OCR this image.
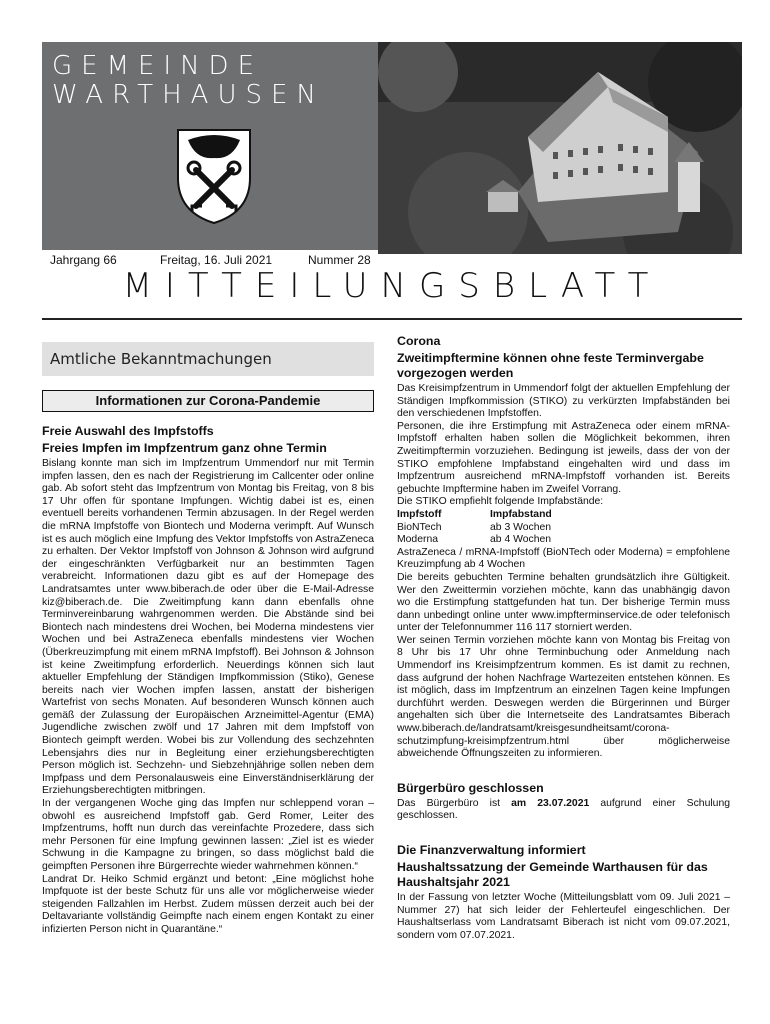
GEMEINDE
WARTHAUSEN
Jahrgang 66	Freitag, 16. Juli 2021	Nummer 28
MITTEILUNGSBLATT
Amtliche Bekanntmachungen
Informationen zur Corona-Pandemie
Freie Auswahl des Impfstoffs
Freies Impfen im Impfzentrum ganz ohne Termin

Bislang konnte man sich im Impfzentrum Ummendorf nur mit Termin impfen lassen, den es nach der Registrierung im Callcenter oder online gab. Ab sofort steht das Impfzentrum von Montag bis Freitag, von 8 bis 17 Uhr offen für spontane Impfungen. Wichtig dabei ist es, einen eventuell bereits vorhandenen Termin abzusagen. In der Regel werden die mRNA Impfstoffe von Biontech und Moderna verimpft. Auf Wunsch ist es auch möglich eine Impfung des Vektor Impfstoffs von AstraZeneca zu erhalten. Der Vektor Impfstoff von Johnson & Johnson wird aufgrund der eingeschränkten Verfügbarkeit nur an bestimmten Tagen verabreicht. Informationen dazu gibt es auf der Homepage des Landratsamtes unter www.biberach.de oder über die E-Mail-Adresse kiz@biberach.de. Die Zweitimpfung kann dann ebenfalls ohne Terminvereinbarung wahrgenommen werden. Die Abstände sind bei Biontech nach mindestens drei Wochen, bei Moderna mindestens vier Wochen und bei AstraZeneca ebenfalls mindestens vier Wochen (Überkreuzimpfung mit einem mRNA Impfstoff). Bei Johnson & Johnson ist keine Zweitimpfung erforderlich. Neuerdings können sich laut aktueller Empfehlung der Ständigen Impfkommission (Stiko), Genese bereits nach vier Wochen impfen lassen, anstatt der bisherigen Wartefrist von sechs Monaten. Auf besonderen Wunsch können auch gemäß der Zulassung der Europäischen Arzneimittel-Agentur (EMA) Jugendliche zwischen zwölf und 17 Jahren mit dem Impfstoff von Biontech geimpft werden. Wobei bis zur Vollendung des sechzehnten Lebensjahrs dies nur in Begleitung einer erziehungsberechtigten Person möglich ist. Sechzehn- und Siebzehnjährige sollen neben dem Impfpass und dem Personalausweis eine Einverständniserklärung der Erziehungsberechtigten mitbringen.

In der vergangenen Woche ging das Impfen nur schleppend voran – obwohl es ausreichend Impfstoff gab. Gerd Romer, Leiter des Impfzentrums, hofft nun durch das vereinfachte Prozedere, dass sich mehr Personen für eine Impfung gewinnen lassen: „Ziel ist es wieder Schwung in die Kampagne zu bringen, so dass möglichst bald die geimpften Personen ihre Bürgerrechte wieder wahrnehmen können.“

Landrat Dr. Heiko Schmid ergänzt und betont: „Eine möglichst hohe Impfquote ist der beste Schutz für uns alle vor möglicherweise wieder steigenden Fallzahlen im Herbst. Zudem müssen derzeit auch bei der Deltavariante vollständig Geimpfte nach einem engen Kontakt zu einer infizierten Person nicht in Quarantäne.“

Corona
Zweitimpftermine können ohne feste Terminvergabe vorgezogen werden

Das Kreisimpfzentrum in Ummendorf folgt der aktuellen Empfehlung der Ständigen Impfkommission (STIKO) zu verkürzten Impfabständen bei den verschiedenen Impfstoffen.

Personen, die ihre Erstimpfung mit AstraZeneca oder einem mRNA-Impfstoff erhalten haben sollen die Möglichkeit bekommen, ihren Zweitimpftermin vorzuziehen. Bedingung ist jeweils, dass der von der STIKO empfohlene Impfabstand eingehalten wird und dass im Impfzentrum ausreichend mRNA-Impfstoff vorhanden ist. Bereits gebuchte Impftermine haben im Zweifel Vorrang.

Die STIKO empfiehlt folgende Impfabstände:

Impfstoff	Impfabstand
BioNTech	ab 3 Wochen
Moderna	ab 4 Wochen

AstraZeneca / mRNA-Impfstoff (BioNTech oder Moderna) = empfohlene Kreuzimpfung ab 4 Wochen

Die bereits gebuchten Termine behalten grundsätzlich ihre Gültigkeit. Wer den Zweittermin vorziehen möchte, kann das unabhängig davon wo die Erstimpfung stattgefunden hat tun. Der bisherige Termin muss dann unbedingt online unter www.impfterminservice.de oder telefonisch unter der Telefonnummer 116 117 storniert werden.

Wer seinen Termin vorziehen möchte kann von Montag bis Freitag von 8 Uhr bis 17 Uhr ohne Terminbuchung oder Anmeldung nach Ummendorf ins Kreisimpfzentrum kommen. Es ist damit zu rechnen, dass aufgrund der hohen Nachfrage Wartezeiten entstehen können. Es ist möglich, dass im Impfzentrum an einzelnen Tagen keine Impfungen durchführt werden. Deswegen werden die Bürgerinnen und Bürger angehalten sich über die Internetseite des Landratsamtes Biberach www.biberach.de/landratsamt/kreisgesundheitsamt/corona-schutzimpfung-kreisimpfzentrum.html über möglicherweise abweichende Öffnungszeiten zu informieren.

Bürgerbüro geschlossen

Das Bürgerbüro ist am 23.07.2021 aufgrund einer Schulung geschlossen.

Die Finanzverwaltung informiert
Haushaltssatzung der Gemeinde Warthausen für das Haushaltsjahr 2021

In der Fassung von letzter Woche (Mitteilungsblatt vom 09. Juli 2021 – Nummer 27) hat sich leider der Fehlerteufel eingeschlichen. Der Haushaltserlass vom Landratsamt Biberach ist nicht vom 09.07.2021, sondern vom 07.07.2021.
